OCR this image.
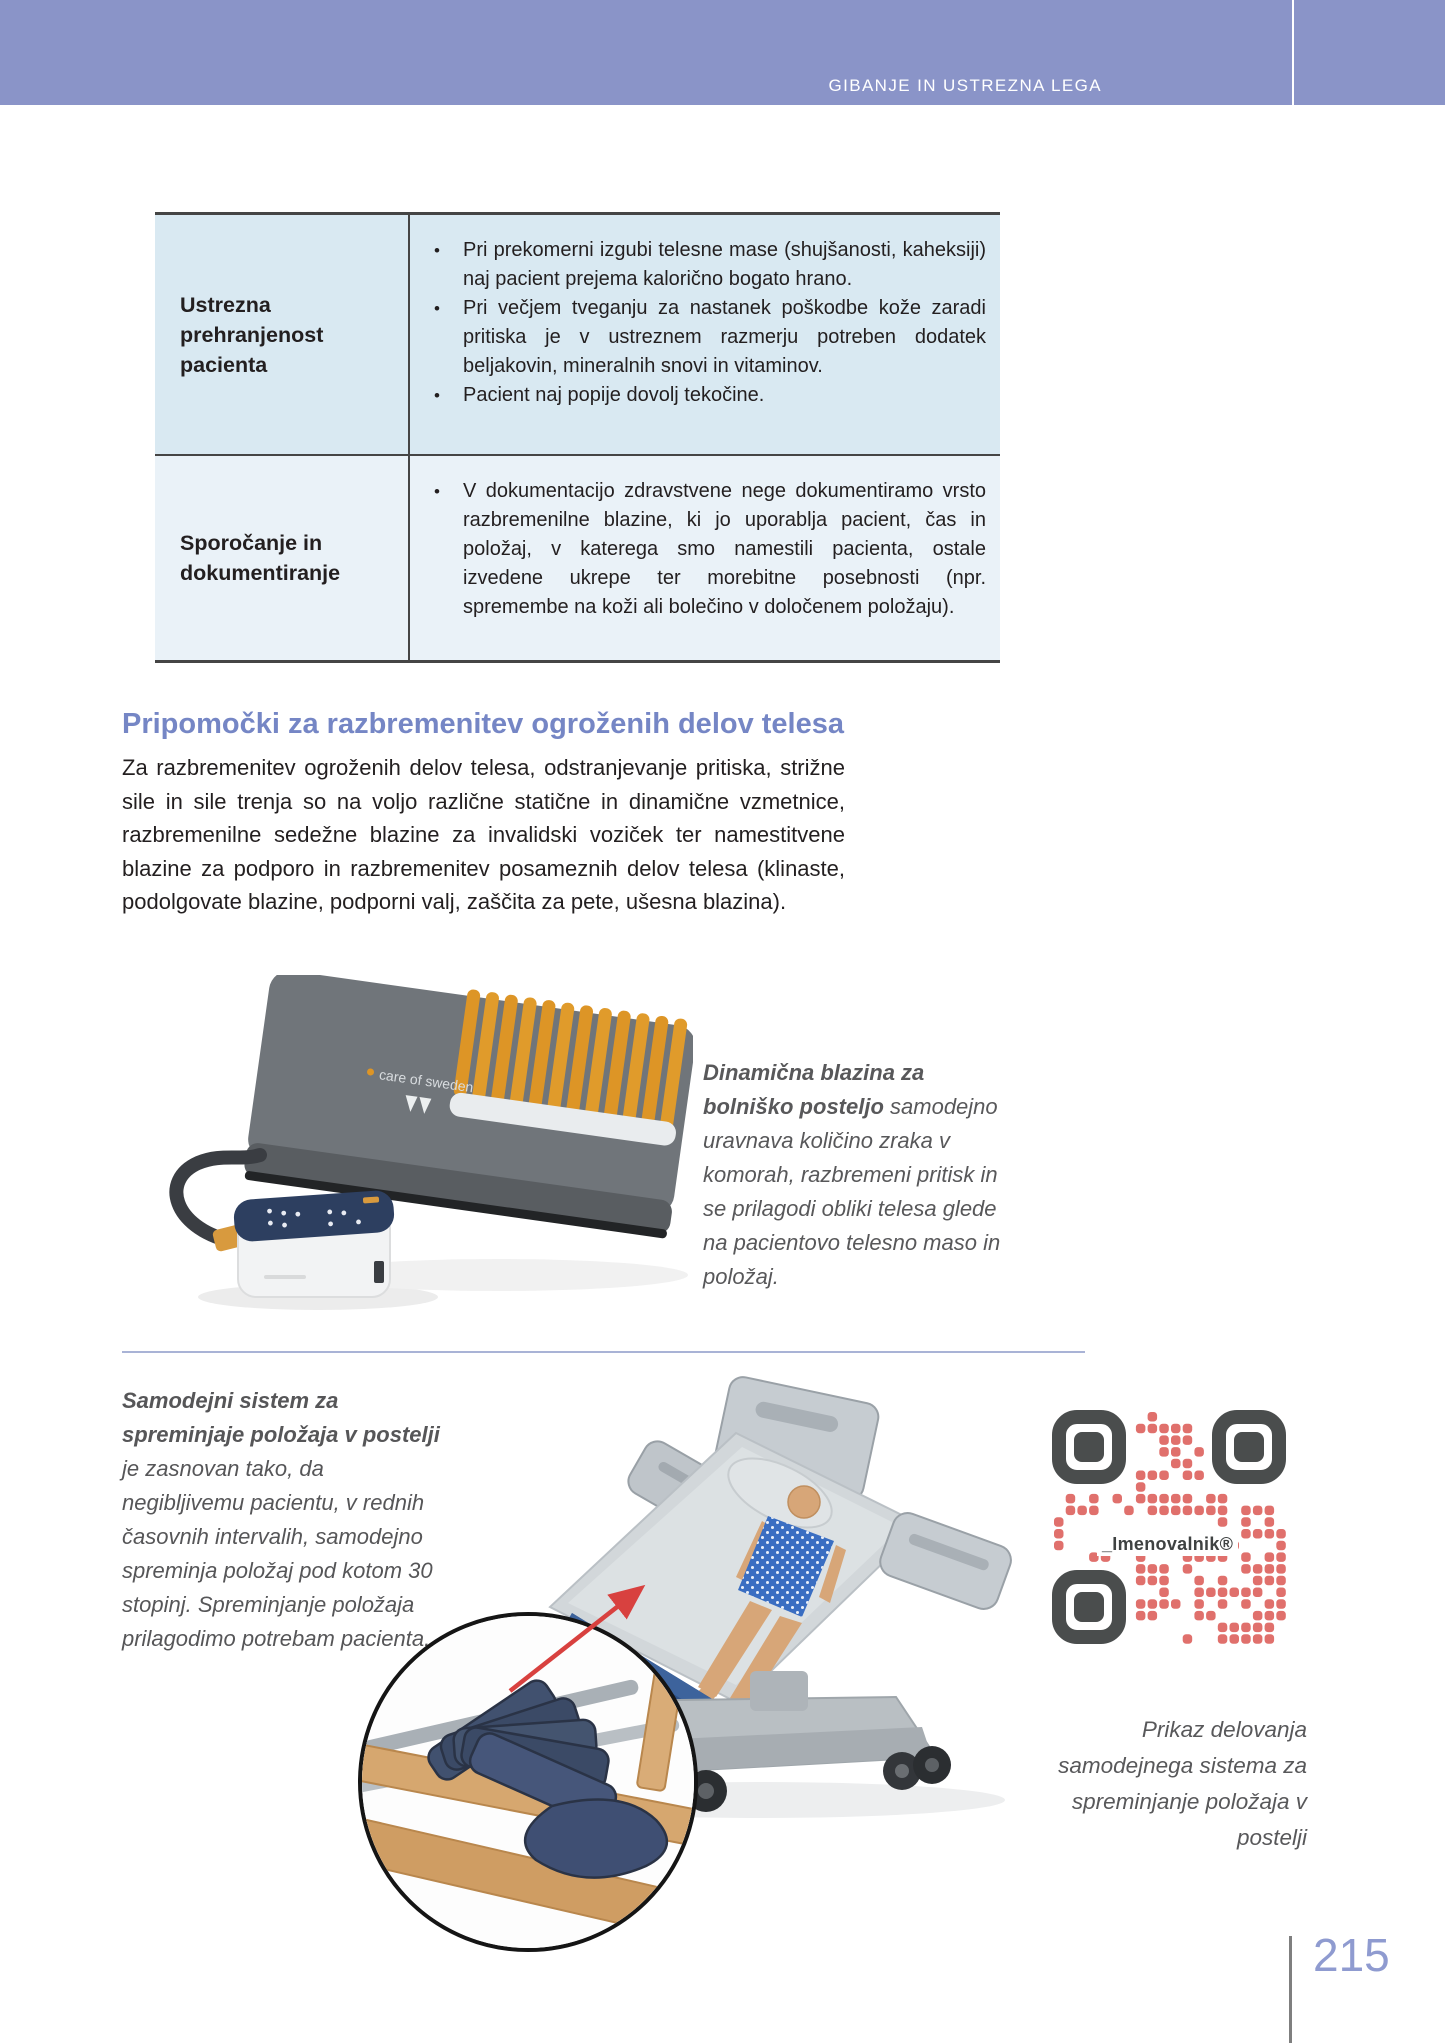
GIBANJE IN USTREZNA LEGA
Ustrezna prehranjenost pacienta
•	Pri prekomerni izgubi telesne mase (shujšanosti, kaheksiji) naj pacient prejema kalorično bogato hrano.
•	Pri večjem tveganju za nastanek poškodbe kože zaradi pritiska je v ustreznem razmerju potreben dodatek beljakovin, mineralnih snovi in vitaminov.
•	Pacient naj popije dovolj tekočine.
Sporočanje in dokumentiranje
•	V dokumentacijo zdravstvene nege dokumentiramo vrsto razbremenilne blazine, ki jo uporablja pacient, čas in položaj, v katerega smo namestili pacienta, ostale izvedene ukrepe ter morebitne posebnosti (npr. spremembe na koži ali bolečino v določenem položaju).
Pripomočki za razbremenitev ogroženih delov telesa

Za razbremenitev ogroženih delov telesa, odstranjevanje pritiska, strižne sile in sile trenja so na voljo različne statične in dinamične vzmetnice, razbremenilne sedežne blazine za invalidski voziček ter namestitvene blazine za podporo in razbremenitev posameznih delov telesa (klinaste, podolgovate blazine, podporni valj, zaščita za pete, ušesna blazina).

care of sweden	Dinamična blazina za bolniško posteljo samodejno uravnava količino zraka v komorah, razbremeni pritisk in se prilagodi obliki telesa glede na pacientovo telesno maso in položaj.
Samodejni sistem za spreminjaje položaja v postelji je zasnovan tako, da negibljivemu pacientu, v rednih časovnih intervalih, samodejno spreminja položaj pod kotom 30 stopinj. Spreminjanje položaja prilagodimo potrebam pacienta.
_Imenovalnik®
Prikaz delovanja samodejnega sistema za spreminjanje položaja v postelji
215
